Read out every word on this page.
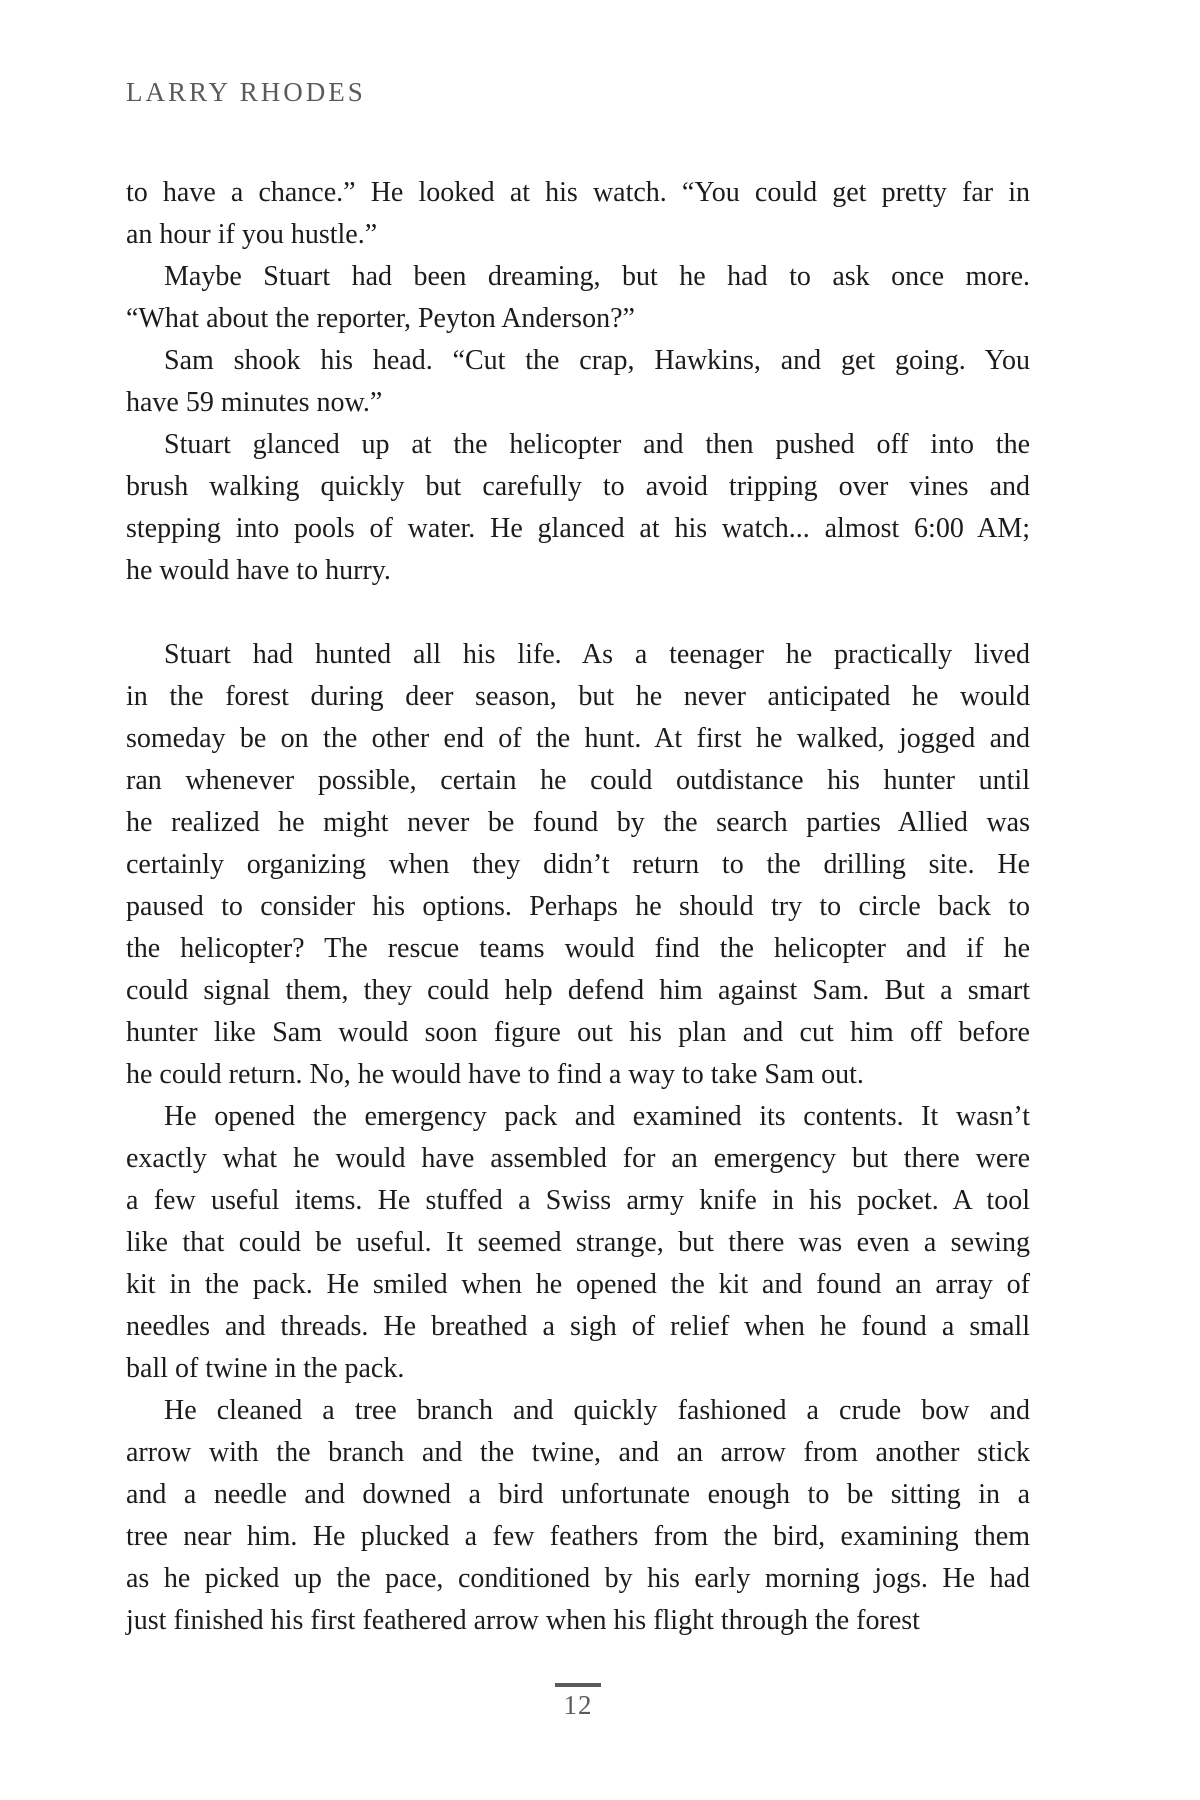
LARRY RHODES
to have a chance.” He looked at his watch. “You could get pretty far in
an hour if you hustle.”
Maybe Stuart had been dreaming, but he had to ask once more.
“What about the reporter, Peyton Anderson?”
Sam shook his head. “Cut the crap, Hawkins, and get going. You
have 59 minutes now.”
Stuart glanced up at the helicopter and then pushed off into the
brush walking quickly but carefully to avoid tripping over vines and
stepping into pools of water. He glanced at his watch... almost 6:00 AM;
he would have to hurry.
Stuart had hunted all his life. As a teenager he practically lived
in the forest during deer season, but he never anticipated he would
someday be on the other end of the hunt. At first he walked, jogged and
ran whenever possible, certain he could outdistance his hunter until
he realized he might never be found by the search parties Allied was
certainly organizing when they didn’t return to the drilling site. He
paused to consider his options. Perhaps he should try to circle back to
the helicopter? The rescue teams would find the helicopter and if he
could signal them, they could help defend him against Sam. But a smart
hunter like Sam would soon figure out his plan and cut him off before
he could return. No, he would have to find a way to take Sam out.
He opened the emergency pack and examined its contents. It wasn’t
exactly what he would have assembled for an emergency but there were
a few useful items. He stuffed a Swiss army knife in his pocket. A tool
like that could be useful. It seemed strange, but there was even a sewing
kit in the pack. He smiled when he opened the kit and found an array of
needles and threads. He breathed a sigh of relief when he found a small
ball of twine in the pack.
He cleaned a tree branch and quickly fashioned a crude bow and
arrow with the branch and the twine, and an arrow from another stick
and a needle and downed a bird unfortunate enough to be sitting in a
tree near him. He plucked a few feathers from the bird, examining them
as he picked up the pace, conditioned by his early morning jogs. He had
just finished his first feathered arrow when his flight through the forest
12
